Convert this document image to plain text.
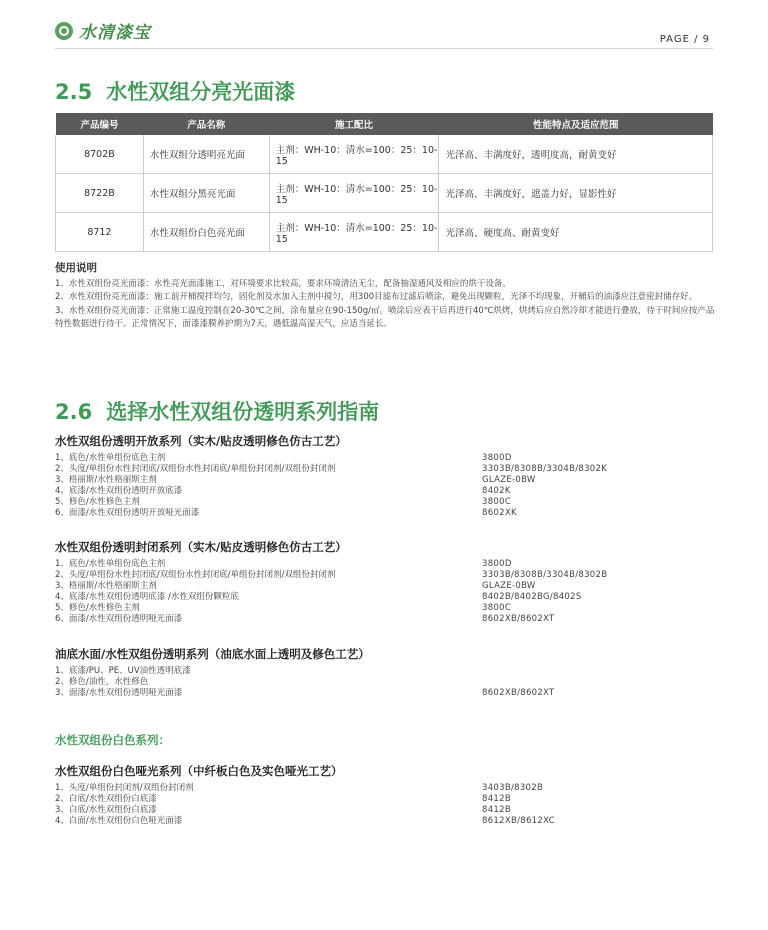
水清漆宝	PAGE / 9
2.5 水性双组分亮光面漆
产品编号	产品名称	施工配比	性能特点及适应范围
8702B	水性双组分透明亮光面	主剂：WH-10：清水=100：25：10-15	光泽高、丰满度好，透明度高，耐黄变好
8722B	水性双组分黑亮光面	主剂：WH-10：清水=100：25：10-15	光泽高、丰满度好，遮盖力好，显影性好
8712	水性双组份白色亮光面	主剂：WH-10：清水=100：25：10-15	光泽高、硬度高、耐黄变好
使用说明

1、水性双组份亮光面漆：水性亮光面漆施工，对环境要求比较高，要求环境清洁无尘，配备抽湿通风及相应的烘干设备。

2、水性双组份亮光面漆：施工前开桶搅拌均匀，固化剂及水加入主剂中搅匀，用300目滤布过滤后喷涂，避免出现颗粒，光泽不均现象，开桶后的油漆应注意密封储存好。

3、水性双组份亮光面漆：正常施工温度控制在20-30℃之间，涂布量应在90-150g/㎡。喷涂后应表干后再进行40℃烘烤，烘烤后应自然冷却才能进行叠放，待干时间应按产品特性数据进行待干。正常情况下，面漆漆膜养护期为7天，遇低温高湿天气，应适当延长。

2.6 选择水性双组份透明系列指南
水性双组份透明开放系列（实木/贴皮透明修色仿古工艺）
1、底色/水性单组份底色主剂	3800D
2、头度/单组份水性封闭底/双组份水性封闭底/单组份封闭剂/双组份封闭剂	3303B/8308B/3304B/8302K
3、格丽斯/水性格丽斯主剂	GLAZE-0BW
4、底漆/水性双组份透明开放底漆	8402K
5、修色/水性修色主剂	3800C
6、面漆/水性双组份透明开放哑光面漆	8602XK
水性双组份透明封闭系列（实木/贴皮透明修色仿古工艺）
1、底色/水性单组份底色主剂	3800D
2、头度/单组份水性封闭底/双组份水性封闭底/单组份封闭剂/双组份封闭剂	3303B/8308B/3304B/8302B
3、格丽斯/水性格丽斯主剂	GLAZE-0BW
4、底漆/水性双组份透明底漆 /水性双组份颗粒底	8402B/8402BG/8402S
5、修色/水性修色主剂	3800C
6、面漆/水性双组份透明哑光面漆	8602XB/8602XT
油底水面/水性双组份透明系列（油底水面上透明及修色工艺）
1、底漆/PU、PE、UV油性透明底漆
2、修色/油性，水性修色
3、面漆/水性双组份透明哑光面漆	8602XB/8602XT
水性双组份白色系列：
水性双组份白色哑光系列（中纤板白色及实色哑光工艺）
1、头度/单组份封闭剂/双组份封闭剂	3403B/8302B
2、白底/水性双组份白底漆	8412B
3、白底/水性双组份白底漆	8412B
4、白面/水性双组份白色哑光面漆	8612XB/8612XC
